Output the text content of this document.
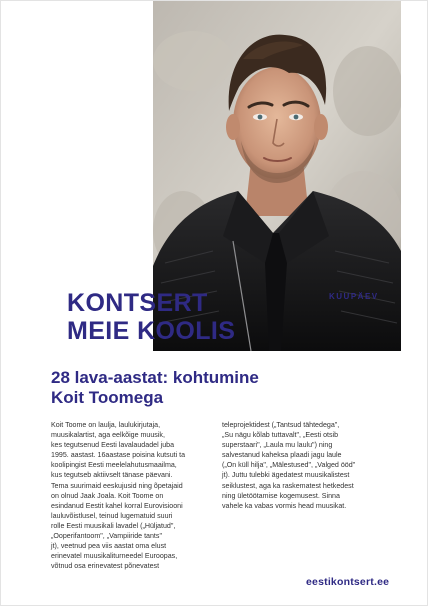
KUUPÄEV
KONTSERT
MEIE KOOLIS
28 lava-aastat: kohtumine
Koit Toomega
Koit Toome on laulja, laulukirjutaja,
muusikalartist, aga eelkõige muusik,
kes tegutsenud Eesti lavalaudadel juba
1995. aastast. 16aastase poisina kutsuti ta
koolipingist Eesti meelelahutusmaailma,
kus tegutseb aktiivselt tänase päevani.
Tema suurimaid eeskujusid ning õpetajaid
on olnud Jaak Joala. Koit Toome on
esindanud Eestit kahel korral Eurovisiooni
lauluvõistlusel, teinud lugematuid suuri
rolle Eesti muusikali lavadel („Hüljatud",
„Ooperifantoom", „Vampiiride tants"
jt), veetnud pea viis aastat oma elust
erinevatel muusikaliturneedel Euroopas,
võtnud osa erinevatest põnevatest
teleprojektidest („Tantsud tähtedega",
„Su nägu kõlab tuttavalt", „Eesti otsib
superstaari", „Laula mu laulu") ning
salvestanud kaheksa plaadi jagu laule
(„On küll hilja", „Mälestused", „Valged ööd"
jt). Juttu tulebki ägedatest muusikalistest
seiklustest, aga ka raskematest hetkedest
ning ületöötamise kogemusest. Sinna
vahele ka vabas vormis head muusikat.
eestikontsert.ee
